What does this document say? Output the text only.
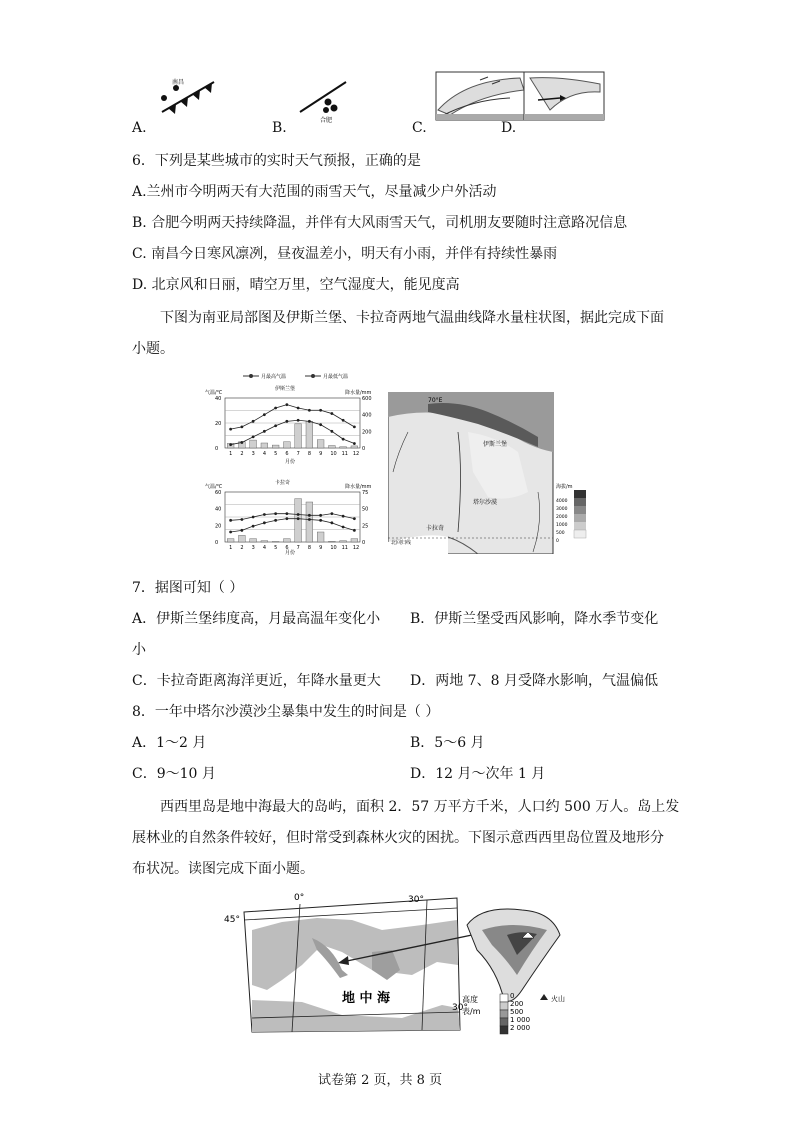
南昌
合肥
A.	B.	C.	D.
6．下列是某些城市的实时天气预报，正确的是
A.兰州市今明两天有大范围的雨雪天气，尽量减少户外活动
B. 合肥今明两天持续降温，并伴有大风雨雪天气，司机朋友要随时注意路况信息
C. 南昌今日寒风凛冽，昼夜温差小，明天有小雨，并伴有持续性暴雨
D. 北京风和日丽，晴空万里，空气湿度大，能见度高
下图为南亚局部图及伊斯兰堡、卡拉奇两地气温曲线降水量柱状图，据此完成下面
小题。
月最高气温	月最低气温
伊斯兰堡
气温/℃	降水量/mm
40
20
0
600
400
200
0
1 2 3 4 5 6 7 8 9 10 11 12
月份
卡拉奇
气温/℃	降水量/mm
60
40
20
0
75
50
25
0
1 2 3 4 5 6 7 8 9 10 11 12
月份
70°E
伊斯兰堡
塔尔沙漠
卡拉奇
北回归线
海拔/m
4000
3000
2000
1000
500
0
7．据图可知（ ）
A．伊斯兰堡纬度高，月最高温年变化小 B．伊斯兰堡受西风影响，降水季节变化
小
C．卡拉奇距离海洋更近，年降水量更大 D．两地 7、8 月受降水影响，气温偏低
8．一年中塔尔沙漠沙尘暴集中发生的时间是（ ）
A．1～2 月	B．5～6 月
C．9～10 月	D．12 月～次年 1 月
西西里岛是地中海最大的岛屿，面积 2．57 万平方千米，人口约 500 万人。岛上发
展林业的自然条件较好，但时常受到森林火灾的困扰。下图示意西西里岛位置及地形分
布状况。读图完成下面小题。
地 中 海
0°	30°
45°
30°
高度
表/m
0
200
500
1 000
2 000
火山
试卷第 2 页，共 8 页
